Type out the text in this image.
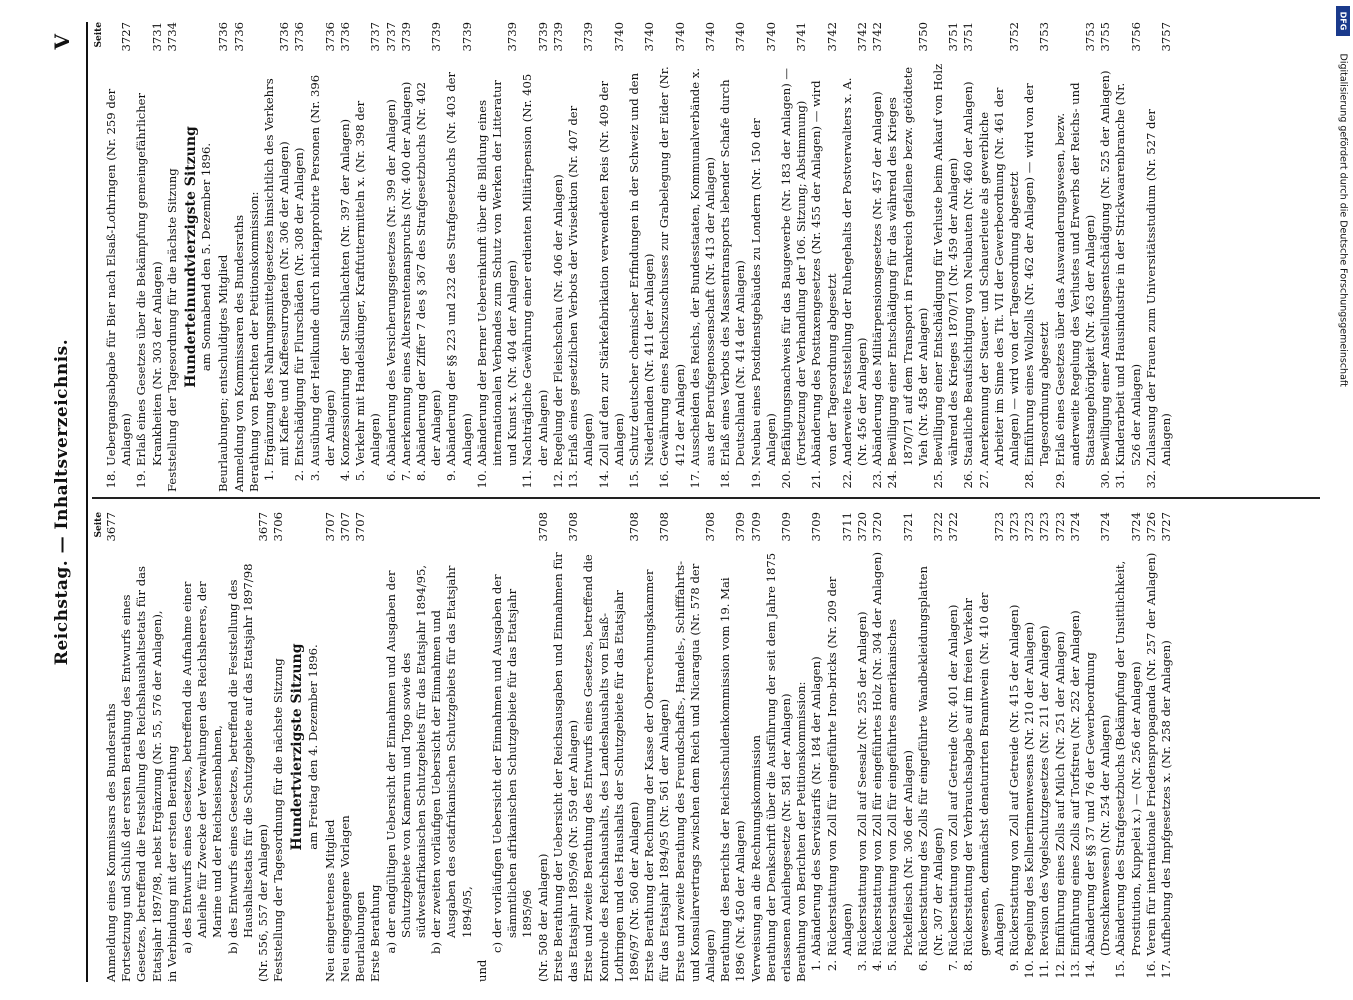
Reichstag. — Inhaltsverzeichnis.
V
Seite
Anmeldung eines Kommissars des Bundesraths
3677
Fortsetzung und Schluß der ersten Berathung des Entwurfs eines Gesetzes, betreffend die Feststellung des Reichshaushaltsetats für das Etatsjahr 1897/98, nebst Ergänzung (Nr. 55, 576 der Anlagen), in Verbindung mit der ersten Berathung a)
des Entwurfs eines Gesetzes, betreffend die Aufnahme einer Anleihe für Zwecke der Verwaltungen des Reichsheeres, der Marine und der Reichseisenbahnen,
b)
des Entwurfs eines Gesetzes, betreffend die Feststellung des Haushaltsetats für die Schutzgebiete auf das Etatsjahr 1897/98 (Nr. 556, 557 der Anlagen)
3677
Feststellung der Tagesordnung für die nächste Sitzung
3706
Hundertvierzigste Sitzung am Freitag den 4. Dezember 1896.
Neu eingetretenes Mitglied
3707
Neu eingegangene Vorlagen
3707
Beurlaubungen
3707
Erste Berathung a)
der endgültigen Uebersicht der Einnahmen und Ausgaben der Schutzgebiete von Kamerun und Togo sowie des südwestafrikanischen Schutzgebiets für das Etatsjahr 1894/95,
b)
der zweiten vorläufigen Uebersicht der Einnahmen und Ausgaben des ostafrikanischen Schutzgebiets für das Etatsjahr 1894/95,
und
c)
der vorläufigen Uebersicht der Einnahmen und Ausgaben der sämmtlichen afrikanischen Schutzgebiete für das Etatsjahr 1895/96 (Nr. 508 der Anlagen)
3708
Erste Berathung der Uebersicht der Reichsausgaben und Einnahmen für das Etatsjahr 1895/96 (Nr. 559 der Anlagen)
3708
Erste und zweite Berathung des Entwurfs eines Gesetzes, betreffend die Kontrole des Reichshaushalts, des Landeshaushalts von Elsaß-Lothringen und des Haushalts der Schutzgebiete für das Etatsjahr 1896/97 (Nr. 560 der Anlagen)
3708
Erste Berathung der Rechnung der Kasse der Oberrechnungskammer für das Etatsjahr 1894/95 (Nr. 561 der Anlagen)
3708
Erste und zweite Berathung des Freundschafts-, Handels-, Schifffahrts- und Konsularvertrags zwischen dem Reich und Nicaragua (Nr. 578 der Anlagen)
3708
Berathung des Berichts der Reichsschuldenkommission vom 19. Mai 1896 (Nr. 450 der Anlagen)
3709
Verweisung an die Rechnungskommission
3709
Berathung der Denkschrift über die Ausführung der seit dem Jahre 1875 erlassenen Anleihegesetze (Nr. 581 der Anlagen)
3709
Berathung von Berichten der Petitionskommission: 1.
Abänderung des Servistarifs (Nr. 184 der Anlagen)
3709
2.
Rückerstattung von Zoll für eingeführte Iron-bricks (Nr. 209 der Anlagen)
3711
3.
Rückerstattung von Zoll auf Seesalz (Nr. 255 der Anlagen)
3720
4.
Rückerstattung von Zoll für eingeführtes Holz (Nr. 304 der Anlagen)
3720
5.
Rückerstattung von Zoll für eingeführtes amerikanisches Pickelfleisch (Nr. 306 der Anlagen)
3721
6.
Rückerstattung des Zolls für eingeführte Wandbekleidungsplatten (Nr. 307 der Anlagen)
3722
7.
Rückerstattung von Zoll auf Getreide (Nr. 401 der Anlagen)
3722
8.
Rückerstattung der Verbrauchsabgabe auf im freien Verkehr gewesenen, demnächst denaturirten Branntwein (Nr. 410 der Anlagen)
3723
9.
Rückerstattung von Zoll auf Getreide (Nr. 415 der Anlagen)
3723
10.
Regelung des Kellnerinnenwesens (Nr. 210 der Anlagen)
3723
11.
Revision des Vogelschutzgesetzes (Nr. 211 der Anlagen)
3723
12.
Einführung eines Zolls auf Milch (Nr. 251 der Anlagen)
3723
13.
Einführung eines Zolls auf Torfstreu (Nr. 252 der Anlagen)
3724
14.
Abänderung der §§ 37 und 76 der Gewerbeordnung (Droschkenwesen) (Nr. 254 der Anlagen)
3724
15.
Abänderung des Strafgesetzbuchs (Bekämpfung der Unsittlichkeit, Prostitution, Kuppelei x.) — (Nr. 256 der Anlagen)
3724
16.
Verein für internationale Friedenspropaganda (Nr. 257 der Anlagen)
3726
17.
Aufhebung des Impfgesetzes x. (Nr. 258 der Anlagen)
3727
Seite
18.
Uebergangsabgabe für Bier nach Elsaß-Lothringen (Nr. 259 der Anlagen)
3727
19.
Erlaß eines Gesetzes über die Bekämpfung gemeingefährlicher Krankheiten (Nr. 303 der Anlagen)
3731
Feststellung der Tagesordnung für die nächste Sitzung
3734
Hunderteinundvierzigste Sitzung am Sonnabend den 5. Dezember 1896. Beurlaubungen; entschuldigtes Mitglied
3736
Anmeldung von Kommissaren des Bundesraths
3736
Berathung von Berichten der Petitionskommission: 1.
Ergänzung des Nahrungsmittelgesetzes hinsichtlich des Verkehrs mit Kaffee und Kaffeesurrogaten (Nr. 306 der Anlagen)
3736
2.
Entschädigung für Flurschäden (Nr. 308 der Anlagen)
3736
3.
Ausübung der Heilkunde durch nichtapprobirte Personen (Nr. 396 der Anlagen)
3736
4.
Konzessionirung der Stallschlachten (Nr. 397 der Anlagen)
3736
5.
Verkehr mit Handelsdünger, Kraftfuttermitteln x. (Nr. 398 der Anlagen)
3737
6.
Abänderung des Versicherungsgesetzes (Nr. 399 der Anlagen)
3737
7.
Anerkennung eines Altersrentenanspruchs (Nr. 400 der Anlagen)
3739
8.
Abänderung der Ziffer 7 des § 367 des Strafgesetzbuchs (Nr. 402 der Anlagen)
3739
9.
Abänderung der §§ 223 und 232 des Strafgesetzbuchs (Nr. 403 der Anlagen)
3739
10.
Abänderung der Berner Uebereinkunft über die Bildung eines internationalen Verbandes zum Schutz von Werken der Litteratur und Kunst x. (Nr. 404 der Anlagen)
3739
11.
Nachträgliche Gewährung einer erdienten Militärpension (Nr. 405 der Anlagen)
3739
12.
Regelung der Fleischschau (Nr. 406 der Anlagen)
3739
13.
Erlaß eines gesetzlichen Verbots der Vivisektion (Nr. 407 der Anlagen)
3739
14.
Zoll auf den zur Stärkefabrikation verwendeten Reis (Nr. 409 der Anlagen)
3740
15.
Schutz deutscher chemischer Erfindungen in der Schweiz und den Niederlanden (Nr. 411 der Anlagen)
3740
16.
Gewährung eines Reichszuschusses zur Grabelegung der Eider (Nr. 412 der Anlagen)
3740
17.
Ausscheiden des Reichs, der Bundesstaaten, Kommunalverbände x. aus der Berufsgenossenschaft (Nr. 413 der Anlagen)
3740
18.
Erlaß eines Verbots des Massentransports lebender Schafe durch Deutschland (Nr. 414 der Anlagen)
3740
19.
Neubau eines Postdienstgebäudes zu Londern (Nr. 150 der Anlagen)
3740
20.
Befähigungsnachweis für das Baugewerbe (Nr. 183 der Anlagen) — (Fortsetzung der Verhandlung der 106. Sitzung; Abstimmung)
3741
21.
Abänderung des Posttaxengesetzes (Nr. 455 der Anlagen) — wird von der Tagesordnung abgesetzt
3742
22.
Anderweite Feststellung der Ruhegehalts der Postverwalters x. A. (Nr. 456 der Anlagen)
3742
23.
Abänderung des Militärpensionsgesetzes (Nr. 457 der Anlagen)
3742
24.
Bewilligung einer Entschädigung für das während des Krieges 1870/71 auf dem Transport in Frankreich gefallene bezw. getödtete Vieh (Nr. 458 der Anlagen)
3750
25.
Bewilligung einer Entschädigung für Verluste beim Ankauf von Holz während des Krieges 1870/71 (Nr. 459 der Anlagen)
3751
26.
Staatliche Beaufsichtigung von Neubauten (Nr. 460 der Anlagen)
3751
27.
Anerkennung der Stauer- und Schauerleute als gewerbliche Arbeiter im Sinne des Tit. VII der Gewerbeordnung (Nr. 461 der Anlagen) — wird von der Tagesordnung abgesetzt
3752
28.
Einführung eines Wollzolls (Nr. 462 der Anlagen) — wird von der Tagesordnung abgesetzt
3753
29.
Erlaß eines Gesetzes über das Auswanderungswesen, bezw. anderweite Regelung des Verlustes und Erwerbs der Reichs- und Staatsangehörigkeit (Nr. 463 der Anlagen)
3753
30.
Bewilligung einer Anstellungsentschädigung (Nr. 525 der Anlagen)
3755
31.
Kinderarbeit und Hausindustrie in der Strickwaarenbranche (Nr. 526 der Anlagen)
3756
32.
Zulassung der Frauen zum Universitätsstudium (Nr. 527 der Anlagen)
3757
DFG
Digitalisierung gefördert durch die Deutsche Forschungsgemeinschaft
